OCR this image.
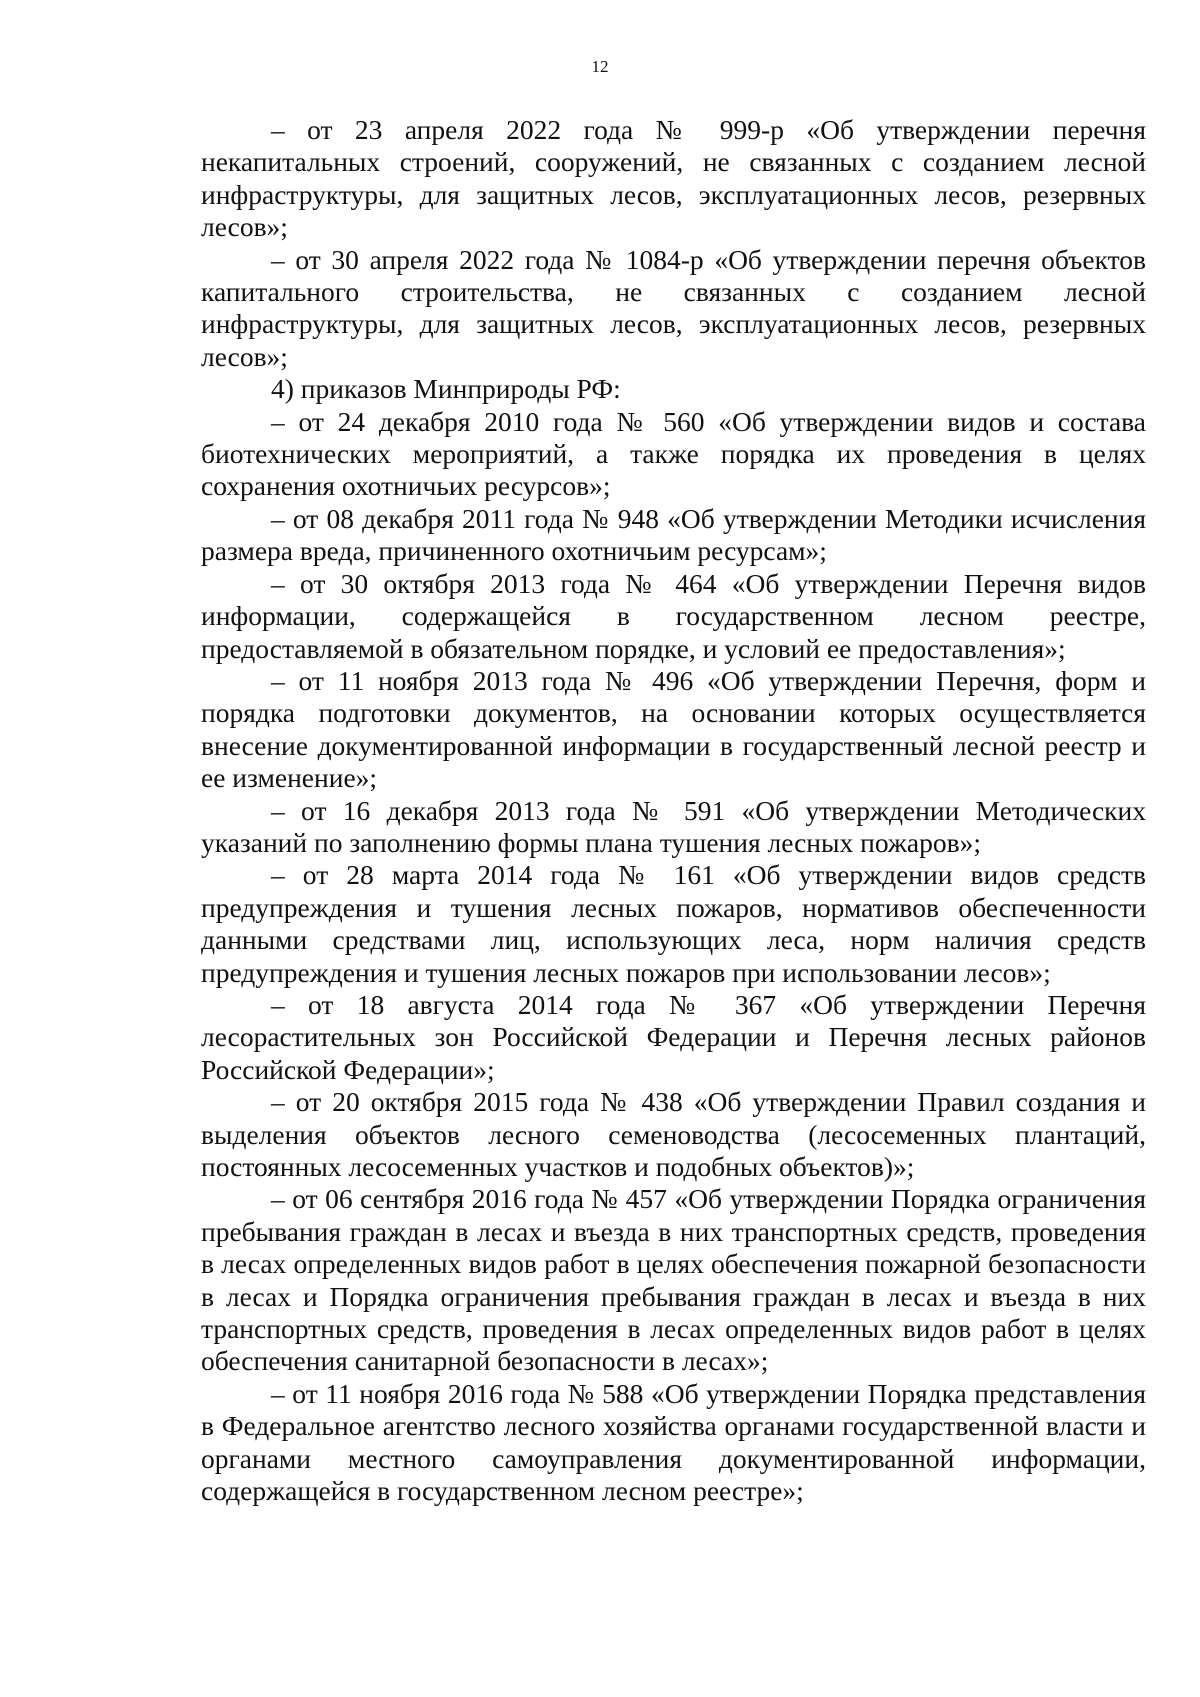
12

– от 23 апреля 2022 года № 999-р «Об утверждении перечня некапитальных строений, сооружений, не связанных с созданием лесной инфраструктуры, для защитных лесов, эксплуатационных лесов, резервных лесов»;

– от 30 апреля 2022 года № 1084-р «Об утверждении перечня объектов капитального строительства, не связанных с созданием лесной инфраструктуры, для защитных лесов, эксплуатационных лесов, резервных лесов»;

4) приказов Минприроды РФ:

– от 24 декабря 2010 года № 560 «Об утверждении видов и состава биотехнических мероприятий, а также порядка их проведения в целях сохранения охотничьих ресурсов»;

– от 08 декабря 2011 года № 948 «Об утверждении Методики исчисления размера вреда, причиненного охотничьим ресурсам»;

– от 30 октября 2013 года № 464 «Об утверждении Перечня видов информации, содержащейся в государственном лесном реестре, предоставляемой в обязательном порядке, и условий ее предоставления»;

– от 11 ноября 2013 года № 496 «Об утверждении Перечня, форм и порядка подготовки документов, на основании которых осуществляется внесение документированной информации в государственный лесной реестр и ее изменение»;

– от 16 декабря 2013 года № 591 «Об утверждении Методических указаний по заполнению формы плана тушения лесных пожаров»;

– от 28 марта 2014 года № 161 «Об утверждении видов средств предупреждения и тушения лесных пожаров, нормативов обеспеченности данными средствами лиц, использующих леса, норм наличия средств предупреждения и тушения лесных пожаров при использовании лесов»;

– от 18 августа 2014 года № 367 «Об утверждении Перечня лесорастительных зон Российской Федерации и Перечня лесных районов Российской Федерации»;

– от 20 октября 2015 года № 438 «Об утверждении Правил создания и выделения объектов лесного семеноводства (лесосеменных плантаций, постоянных лесосеменных участков и подобных объектов)»;

– от 06 сентября 2016 года № 457 «Об утверждении Порядка ограничения пребывания граждан в лесах и въезда в них транспортных средств, проведения в лесах определенных видов работ в целях обеспечения пожарной безопасности в лесах и Порядка ограничения пребывания граждан в лесах и въезда в них транспортных средств, проведения в лесах определенных видов работ в целях обеспечения санитарной безопасности в лесах»;

– от 11 ноября 2016 года № 588 «Об утверждении Порядка представления в Федеральное агентство лесного хозяйства органами государственной власти и органами местного самоуправления документированной информации, содержащейся в государственном лесном реестре»;
